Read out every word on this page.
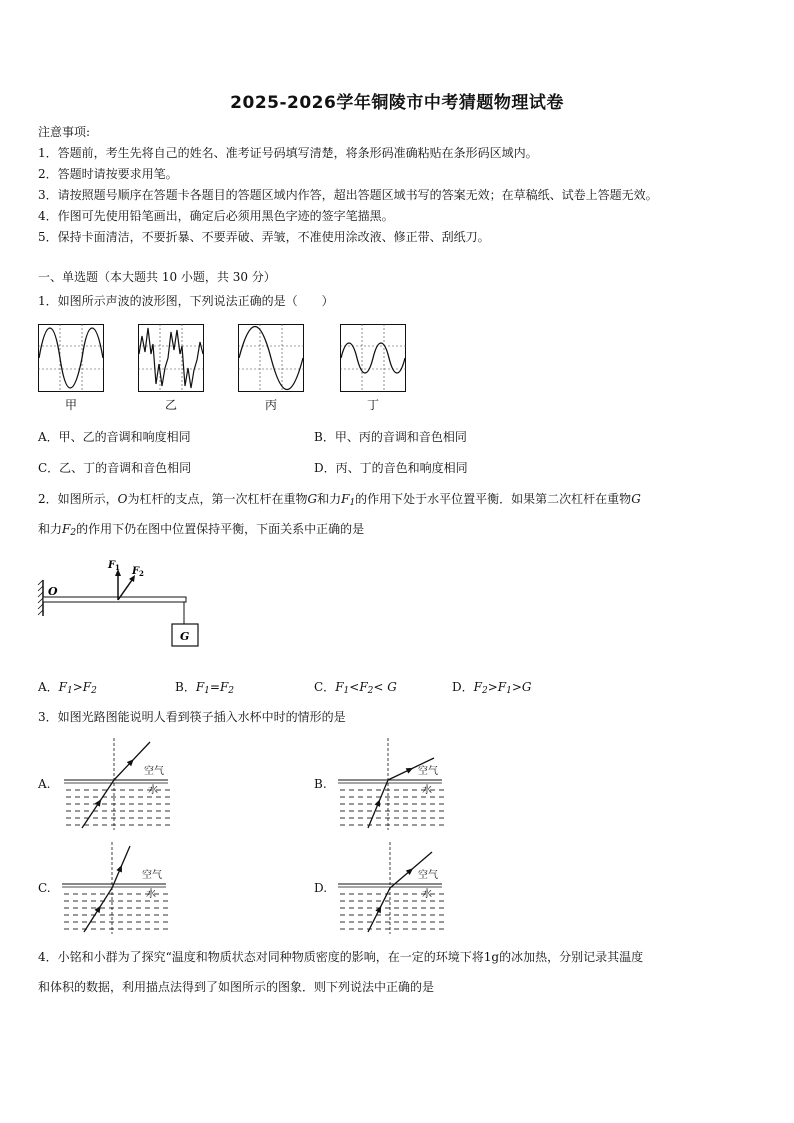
2025-2026学年铜陵市中考猜题物理试卷
注意事项:
1．答题前，考生先将自己的姓名、准考证号码填写清楚，将条形码准确粘贴在条形码区域内。
2．答题时请按要求用笔。
3．请按照题号顺序在答题卡各题目的答题区域内作答，超出答题区域书写的答案无效；在草稿纸、试卷上答题无效。
4．作图可先使用铅笔画出，确定后必须用黑色字迹的签字笔描黑。
5．保持卡面清洁，不要折暴、不要弄破、弄皱，不准使用涂改液、修正带、刮纸刀。
一、单选题（本大题共 10 小题，共 30 分）
1．如图所示声波的波形图，下列说法正确的是（　　）
甲	乙	丙	丁
A．甲、乙的音调和响度相同	B．甲、丙的音调和音色相同
C．乙、丁的音调和音色相同	D．丙、丁的音色和响度相同
2．如图所示，O为杠杆的支点，第一次杠杆在重物G和力$F_1$的作用下处于水平位置平衡．如果第二次杠杆在重物G
和力$F_2$的作用下仍在图中位置保持平衡，下面关系中正确的是
O
F 1 F 2
G
A．$F_1>F_2$	B．$F_1=F_2$	C．$F_1<F_2< G$	D．$F_2>F_1>G$
3．如图光路图能说明人看到筷子插入水杯中时的情形的是
A.	B.
C.	D.
空气
水
空气
水
空气
水
空气
水
4．小铭和小群为了探究“温度和物质状态对同种物质密度的影响，在一定的环境下将1g的冰加热，分别记录其温度
和体积的数据，利用描点法得到了如图所示的图象．则下列说法中正确的是
